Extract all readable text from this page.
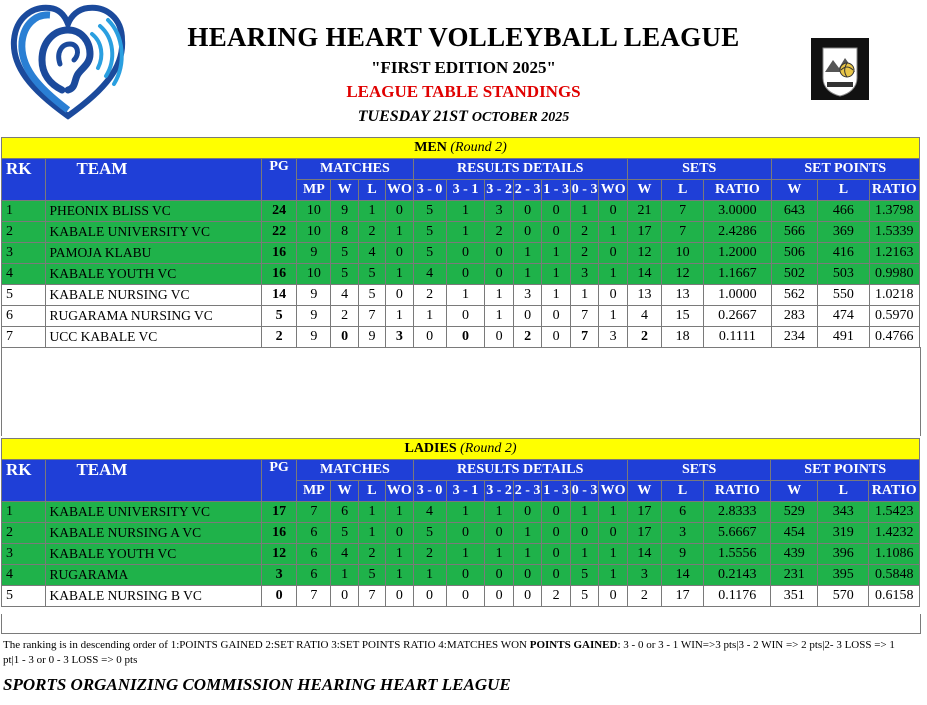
HEARING HEART VOLLEYBALL LEAGUE
"FIRST EDITION 2025"
LEAGUE TABLE STANDINGS
TUESDAY 21ST OCTOBER 2025
MEN (Round 2)																			
RK	TEAM	PG	MATCHES				RESULTS DETAILS							SETS			SET POINTS		
			MP	W	L	WO	3 - 0	3 - 1	3 - 2	2 - 3	1 - 3	0 - 3	WO	W	L	RATIO	W	L	RATIO
1	PHEONIX BLISS VC	24	10	9	1	0	5	1	3	0	0	1	0	21	7	3.0000	643	466	1.3798
2	KABALE UNIVERSITY VC	22	10	8	2	1	5	1	2	0	0	2	1	17	7	2.4286	566	369	1.5339
3	PAMOJA KLABU	16	9	5	4	0	5	0	0	1	1	2	0	12	10	1.2000	506	416	1.2163
4	KABALE YOUTH VC	16	10	5	5	1	4	0	0	1	1	3	1	14	12	1.1667	502	503	0.9980
5	KABALE NURSING VC	14	9	4	5	0	2	1	1	3	1	1	0	13	13	1.0000	562	550	1.0218
6	RUGARAMA NURSING VC	5	9	2	7	1	1	0	1	0	0	7	1	4	15	0.2667	283	474	0.5970
7	UCC KABALE VC	2	9	0	9	3	0	0	0	2	0	7	3	2	18	0.1111	234	491	0.4766
LADIES (Round 2)																			
RK	TEAM	PG	MATCHES				RESULTS DETAILS							SETS			SET POINTS		
			MP	W	L	WO	3 - 0	3 - 1	3 - 2	2 - 3	1 - 3	0 - 3	WO	W	L	RATIO	W	L	RATIO
1	KABALE UNIVERSITY VC	17	7	6	1	1	4	1	1	0	0	1	1	17	6	2.8333	529	343	1.5423
2	KABALE NURSING A VC	16	6	5	1	0	5	0	0	1	0	0	0	17	3	5.6667	454	319	1.4232
3	KABALE YOUTH VC	12	6	4	2	1	2	1	1	1	0	1	1	14	9	1.5556	439	396	1.1086
4	RUGARAMA	3	6	1	5	1	1	0	0	0	0	5	1	3	14	0.2143	231	395	0.5848
5	KABALE NURSING B VC	0	7	0	7	0	0	0	0	0	2	5	0	2	17	0.1176	351	570	0.6158
The ranking is in descending order of 1:POINTS GAINED 2:SET RATIO 3:SET POINTS RATIO 4:MATCHES WON POINTS GAINED: 3 - 0 or 3 - 1 WIN=>3 pts|3 - 2 WIN => 2 pts|2- 3 LOSS => 1 pt|1 - 3 or 0 - 3 LOSS => 0 pts
SPORTS ORGANIZING COMMISSION HEARING HEART LEAGUE
